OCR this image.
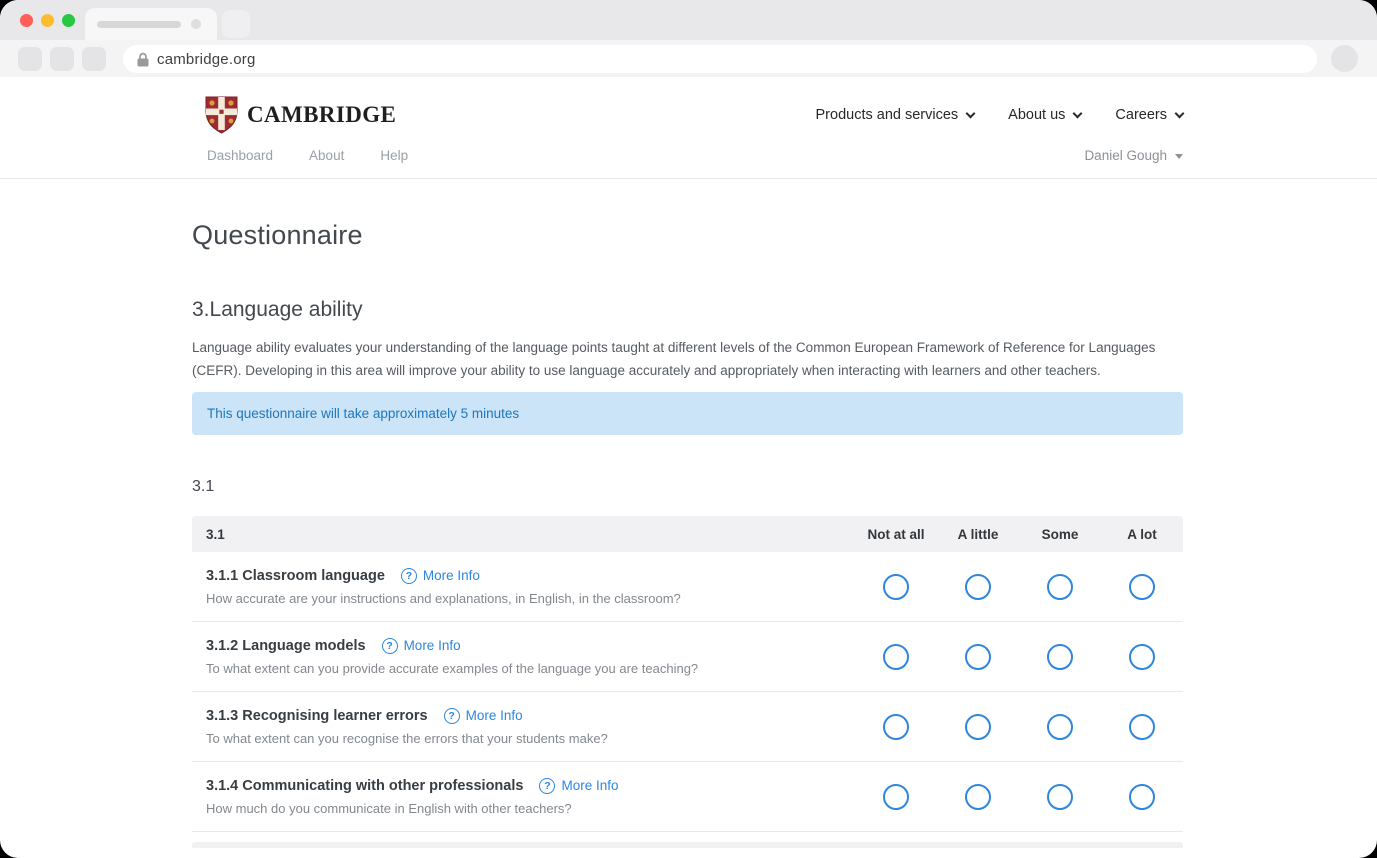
cambridge.org
CAMBRIDGE	Products and services	About us	Careers
Dashboard	About	Help	Daniel Gough
Questionnaire
3.Language ability
Language ability evaluates your understanding of the language points taught at different levels of the Common European Framework of Reference for Languages (CEFR). Developing in this area will improve your ability to use language accurately and appropriately when interacting with learners and other teachers.
This questionnaire will take approximately 5 minutes
3.1
3.1	Not at all	A little	Some	A lot
3.1.1 Classroom language	? More Info
How accurate are your instructions and explanations, in English, in the classroom?
3.1.2 Language models	? More Info
To what extent can you provide accurate examples of the language you are teaching?
3.1.3 Recognising learner errors	? More Info
To what extent can you recognise the errors that your students make?
3.1.4 Communicating with other professionals	? More Info
How much do you communicate in English with other teachers?
